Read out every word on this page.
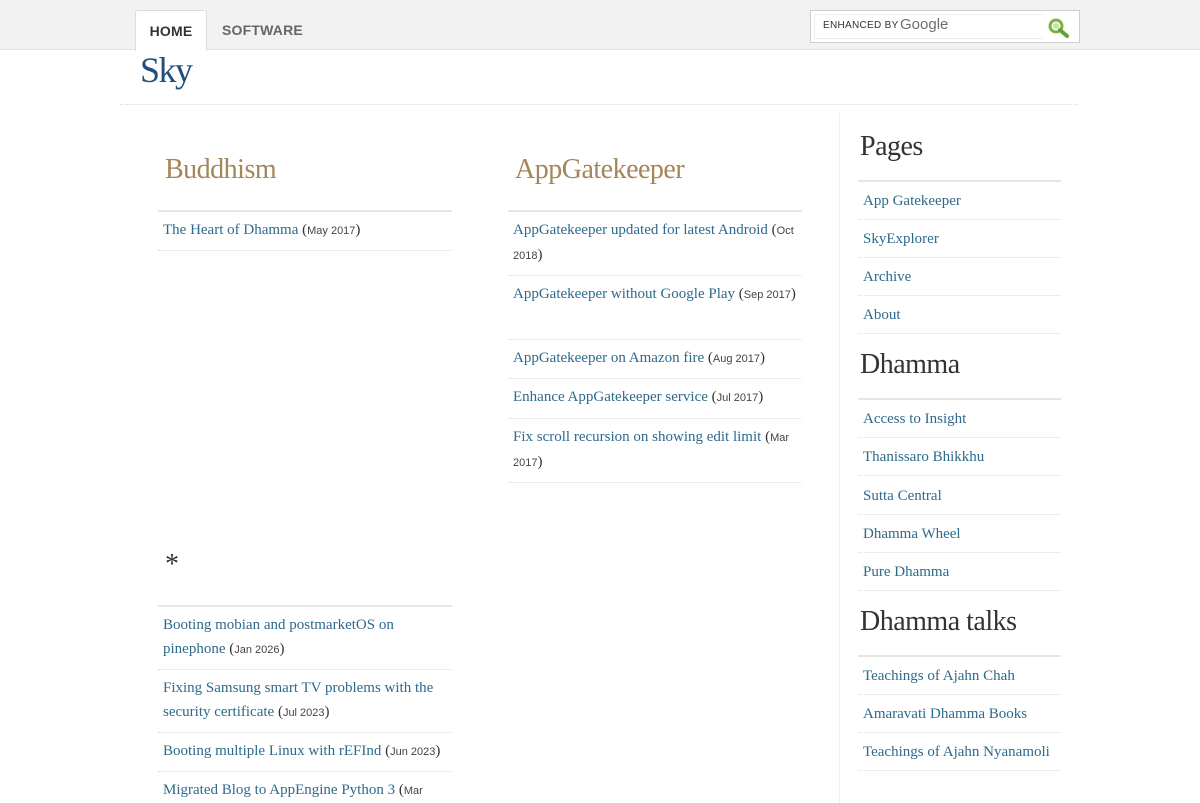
HOME	SOFTWARE	ENHANCED BY Google
Sky
Buddhism
The Heart of Dhamma (May 2017)
AppGatekeeper
AppGatekeeper updated for latest Android (Oct 2018)
AppGatekeeper without Google Play (Sep 2017)
AppGatekeeper on Amazon fire (Aug 2017)
Enhance AppGatekeeper service (Jul 2017)
Fix scroll recursion on showing edit limit (Mar 2017)
*
Booting mobian and postmarketOS on pinephone (Jan 2026)
Fixing Samsung smart TV problems with the security certificate (Jul 2023)
Booting multiple Linux with rEFInd (Jun 2023)
Migrated Blog to AppEngine Python 3 (Mar
Pages
App Gatekeeper
SkyExplorer
Archive
About
Dhamma
Access to Insight
Thanissaro Bhikkhu
Sutta Central
Dhamma Wheel
Pure Dhamma
Dhamma talks
Teachings of Ajahn Chah
Amaravati Dhamma Books
Teachings of Ajahn Nyanamoli
